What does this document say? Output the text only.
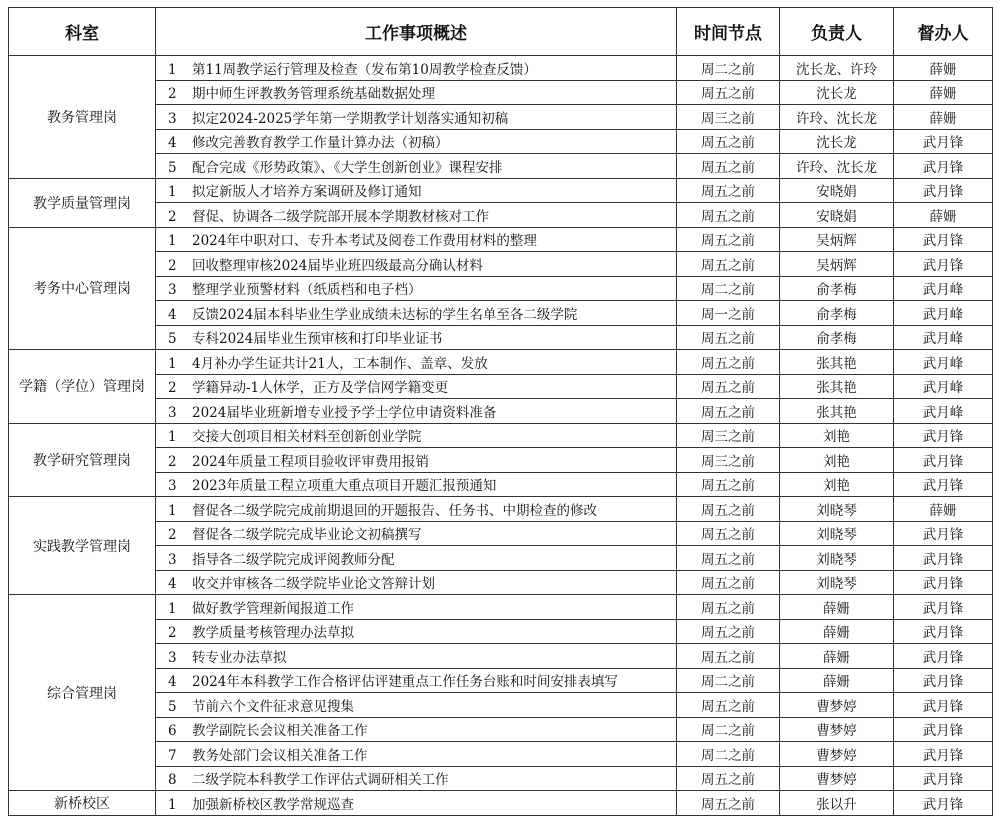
科室	工作事项概述	时间节点	负责人	督办人
教务管理岗	1 第11周教学运行管理及检查（发布第10周教学检查反馈）	周二之前	沈长龙、许玲	薛姗
	2 期中师生评教教务管理系统基础数据处理	周五之前	沈长龙	薛姗
	3 拟定2024-2025学年第一学期教学计划落实通知初稿	周三之前	许玲、沈长龙	薛姗
	4 修改完善教育教学工作量计算办法（初稿）	周五之前	沈长龙	武月锋
	5 配合完成《形势政策》、《大学生创新创业》课程安排	周五之前	许玲、沈长龙	武月锋
教学质量管理岗	1 拟定新版人才培养方案调研及修订通知	周五之前	安晓娟	武月锋
	2 督促、协调各二级学院部开展本学期教材核对工作	周五之前	安晓娟	薛姗
考务中心管理岗	1 2024年中职对口、专升本考试及阅卷工作费用材料的整理	周五之前	吴炳辉	武月锋
	2 回收整理审核2024届毕业班四级最高分确认材料	周五之前	吴炳辉	武月锋
	3 整理学业预警材料（纸质档和电子档）	周二之前	俞孝梅	武月峰
	4 反馈2024届本科毕业生学业成绩未达标的学生名单至各二级学院	周一之前	俞孝梅	武月峰
	5 专科2024届毕业生预审核和打印毕业证书	周五之前	俞孝梅	武月峰
学籍（学位）管理岗	1 4月补办学生证共计21人，工本制作、盖章、发放	周五之前	张其艳	武月峰
	2 学籍异动-1人休学，正方及学信网学籍变更	周五之前	张其艳	武月峰
	3 2024届毕业班新增专业授予学士学位申请资料准备	周五之前	张其艳	武月峰
教学研究管理岗	1 交接大创项目相关材料至创新创业学院	周三之前	刘艳	武月锋
	2 2024年质量工程项目验收评审费用报销	周三之前	刘艳	武月锋
	3 2023年质量工程立项重大重点项目开题汇报预通知	周五之前	刘艳	武月锋
实践教学管理岗	1 督促各二级学院完成前期退回的开题报告、任务书、中期检查的修改	周五之前	刘晓琴	薛姗
	2 督促各二级学院完成毕业论文初稿撰写	周五之前	刘晓琴	武月锋
	3 指导各二级学院完成评阅教师分配	周五之前	刘晓琴	武月锋
	4 收交并审核各二级学院毕业论文答辩计划	周五之前	刘晓琴	武月锋
综合管理岗	1 做好教学管理新闻报道工作	周五之前	薛姗	武月锋
	2 教学质量考核管理办法草拟	周五之前	薛姗	武月锋
	3 转专业办法草拟	周五之前	薛姗	武月锋
	4 2024年本科教学工作合格评估评建重点工作任务台账和时间安排表填写	周二之前	薛姗	武月锋
	5 节前六个文件征求意见搜集	周五之前	曹梦婷	武月锋
	6 教学副院长会议相关准备工作	周二之前	曹梦婷	武月锋
	7 教务处部门会议相关准备工作	周二之前	曹梦婷	武月锋
	8 二级学院本科教学工作评估式调研相关工作	周五之前	曹梦婷	武月锋
新桥校区	1 加强新桥校区教学常规巡查	周五之前	张以升	武月锋
